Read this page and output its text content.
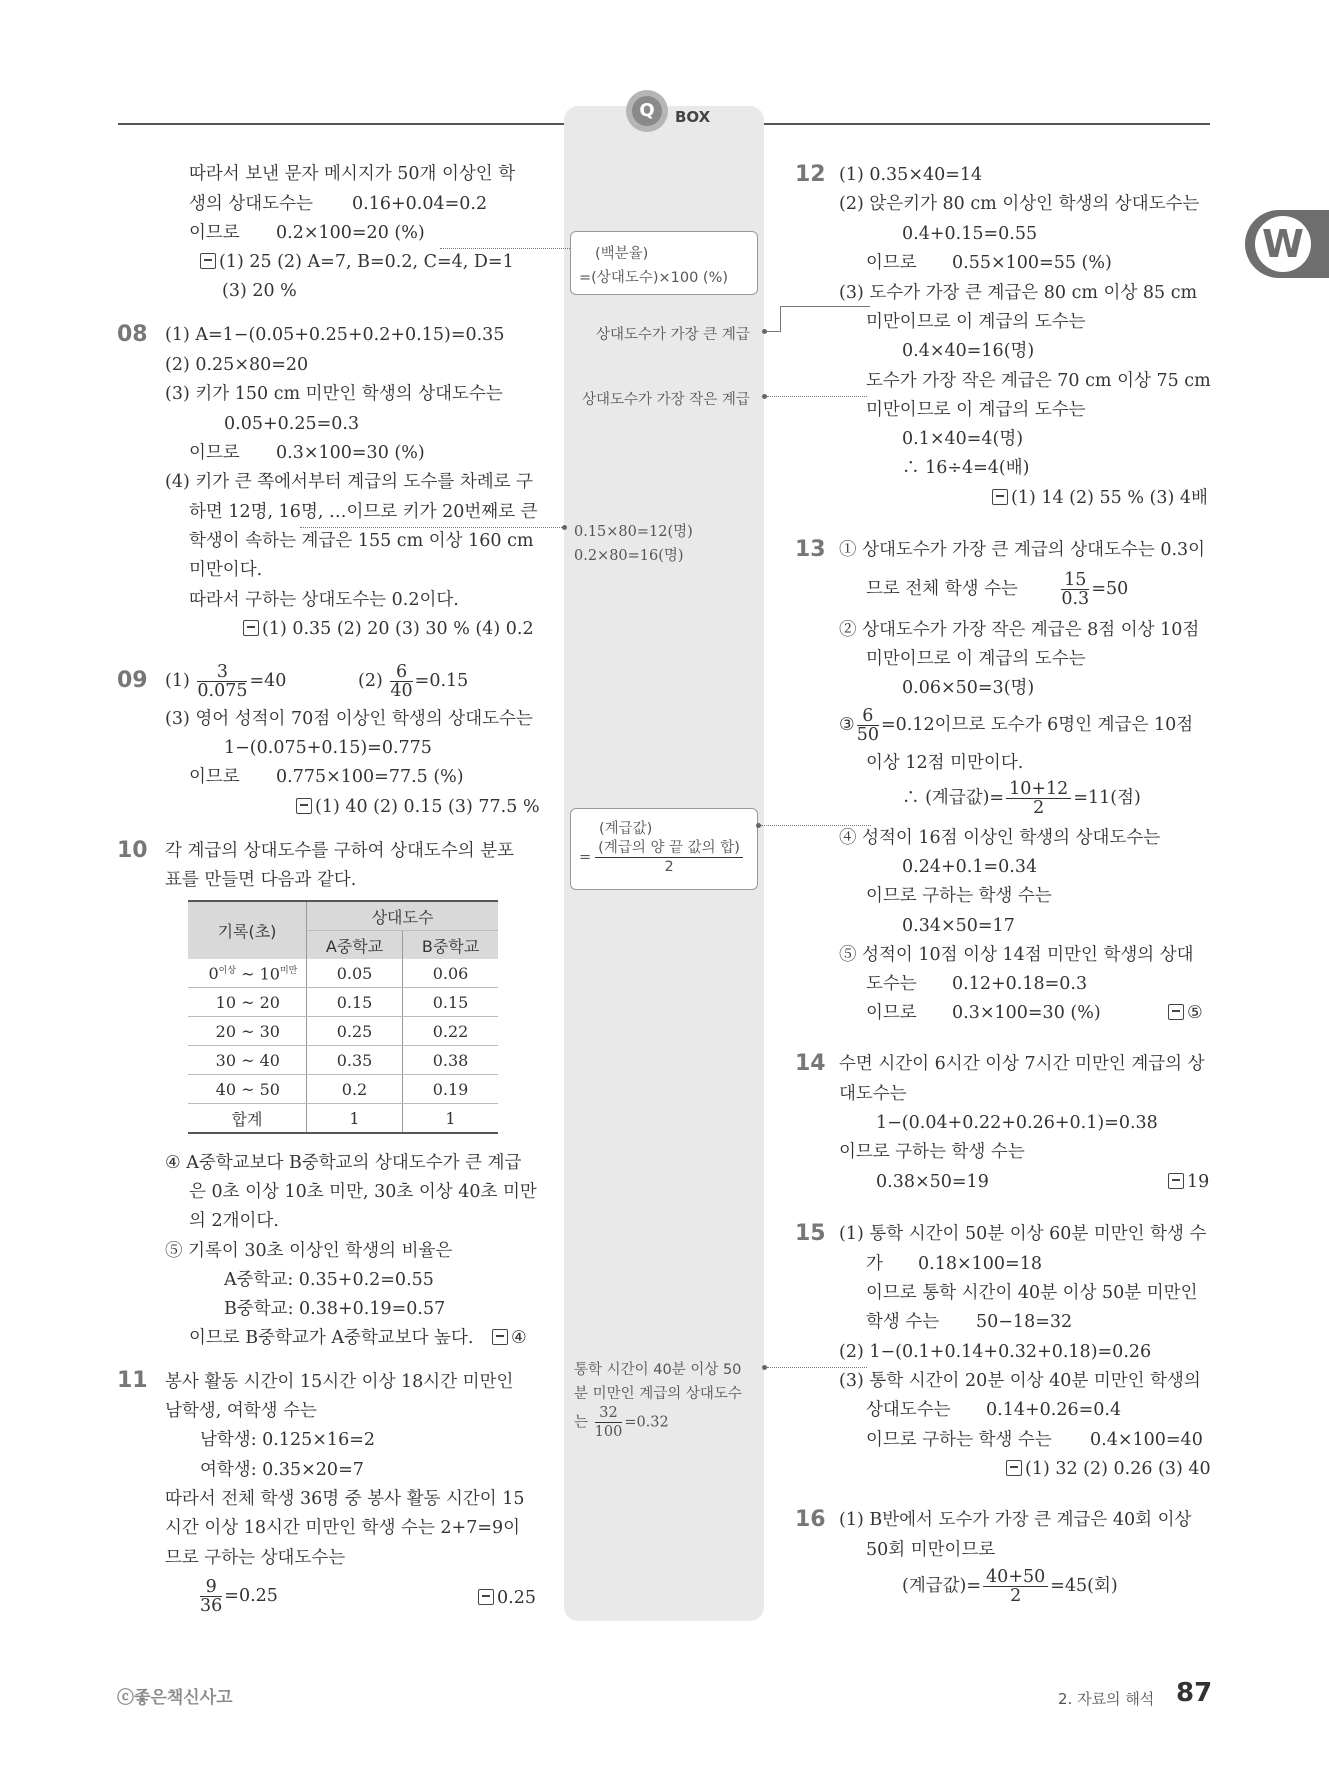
Q	BOX
W
따라서 보낸 문자 메시지가 50개 이상인 학
생의 상대도수는 0.16+0.04=0.2
이므로 0.2×100=20 (%)
(1) 25 (2) A=7, B=0.2, C=4, D=1
(3) 20 %
08 (1) A=1−(0.05+0.25+0.2+0.15)=0.35
(2) 0.25×80=20
(3) 키가 150 cm 미만인 학생의 상대도수는
0.05+0.25=0.3
이므로 0.3×100=30 (%)
(4) 키가 큰 쪽에서부터 계급의 도수를 차례로 구
하면 12명, 16명, …이므로 키가 20번째로 큰
학생이 속하는 계급은 155 cm 이상 160 cm
미만이다.
따라서 구하는 상대도수는 0.2이다.
(1) 0.35 (2) 20 (3) 30 % (4) 0.2
09 $(1) \frac{3}{0.075} =40$	$(2) \frac{6}{40} =0.15$
(3) 영어 성적이 70점 이상인 학생의 상대도수는
1−(0.075+0.15)=0.775
이므로 0.775×100=77.5 (%)
(1) 40 (2) 0.15 (3) 77.5 %
10 각 계급의 상대도수를 구하여 상대도수의 분포
표를 만들면 다음과 같다.
기록(초)	상대도수	
	A중학교	B중학교
$0^{이상}$ ~ $10^{미만}$	0.05	0.06
10 ~ 20	0.15	0.15
20 ~ 30	0.25	0.22
30 ~ 40	0.35	0.38
40 ~ 50	0.2	0.19
합계	1	1
④ A중학교보다 B중학교의 상대도수가 큰 계급
은 0초 이상 10초 미만, 30초 이상 40초 미만
의 2개이다.
⑤ 기록이 30초 이상인 학생의 비율은
A중학교: 0.35+0.2=0.55
B중학교: 0.38+0.19=0.57
이므로 B중학교가 A중학교보다 높다.	④
11 봉사 활동 시간이 15시간 이상 18시간 미만인
남학생, 여학생 수는
남학생: 0.125×16=2
여학생: 0.35×20=7
따라서 전체 학생 36명 중 봉사 활동 시간이 15
시간 이상 18시간 미만인 학생 수는 2+7=9이
므로 구하는 상대도수는
$\frac{9}{36} =0.25$	0.25
(백분율)
=(상대도수)×100 (%)
상대도수가 가장 큰 계급
상대도수가 가장 작은 계급
0.15×80=12(명)
0.2×80=16(명)
(계급값)
= $\frac{\text{(계급의 양 끝 값의 합)}}{2}$
통학 시간이 40분 이상 50
분 미만인 계급의 상대도수
는 $\frac{32}{100} =0.32$
12 (1) 0.35×40=14
(2) 앉은키가 80 cm 이상인 학생의 상대도수는
0.4+0.15=0.55
이므로 0.55×100=55 (%)
(3) 도수가 가장 큰 계급은 80 cm 이상 85 cm
미만이므로 이 계급의 도수는
0.4×40=16(명)
도수가 가장 작은 계급은 70 cm 이상 75 cm
미만이므로 이 계급의 도수는
0.1×40=4(명)
∴ 16÷4=4(배)
(1) 14 (2) 55 % (3) 4배
13 ① 상대도수가 가장 큰 계급의 상대도수는 0.3이
므로 전체 학생 수는 $\frac{15}{0.3} =50$
② 상대도수가 가장 작은 계급은 8점 이상 10점
미만이므로 이 계급의 도수는
0.06×50=3(명)
③ $\frac{6}{50} =0.12$이므로 도수가 6명인 계급은 10점
이상 12점 미만이다.
∴ (계급값)= $\frac{10+12}{2} =11$(점)
④ 성적이 16점 이상인 학생의 상대도수는
0.24+0.1=0.34
이므로 구하는 학생 수는
0.34×50=17
⑤ 성적이 10점 이상 14점 미만인 학생의 상대
도수는 0.12+0.18=0.3
이므로 0.3×100=30 (%)	⑤
14 수면 시간이 6시간 이상 7시간 미만인 계급의 상
대도수는
1−(0.04+0.22+0.26+0.1)=0.38
이므로 구하는 학생 수는
0.38×50=19	19
15 (1) 통학 시간이 50분 이상 60분 미만인 학생 수
가 0.18×100=18
이므로 통학 시간이 40분 이상 50분 미만인
학생 수는 50−18=32
(2) 1−(0.1+0.14+0.32+0.18)=0.26
(3) 통학 시간이 20분 이상 40분 미만인 학생의
상대도수는 0.14+0.26=0.4
이므로 구하는 학생 수는 0.4×100=40
(1) 32 (2) 0.26 (3) 40
16 (1) B반에서 도수가 가장 큰 계급은 40회 이상
50회 미만이므로
(계급값)= $\frac{40+50}{2} =45$(회)
ⓒ좋은책신사고	2. 자료의 해석 87
